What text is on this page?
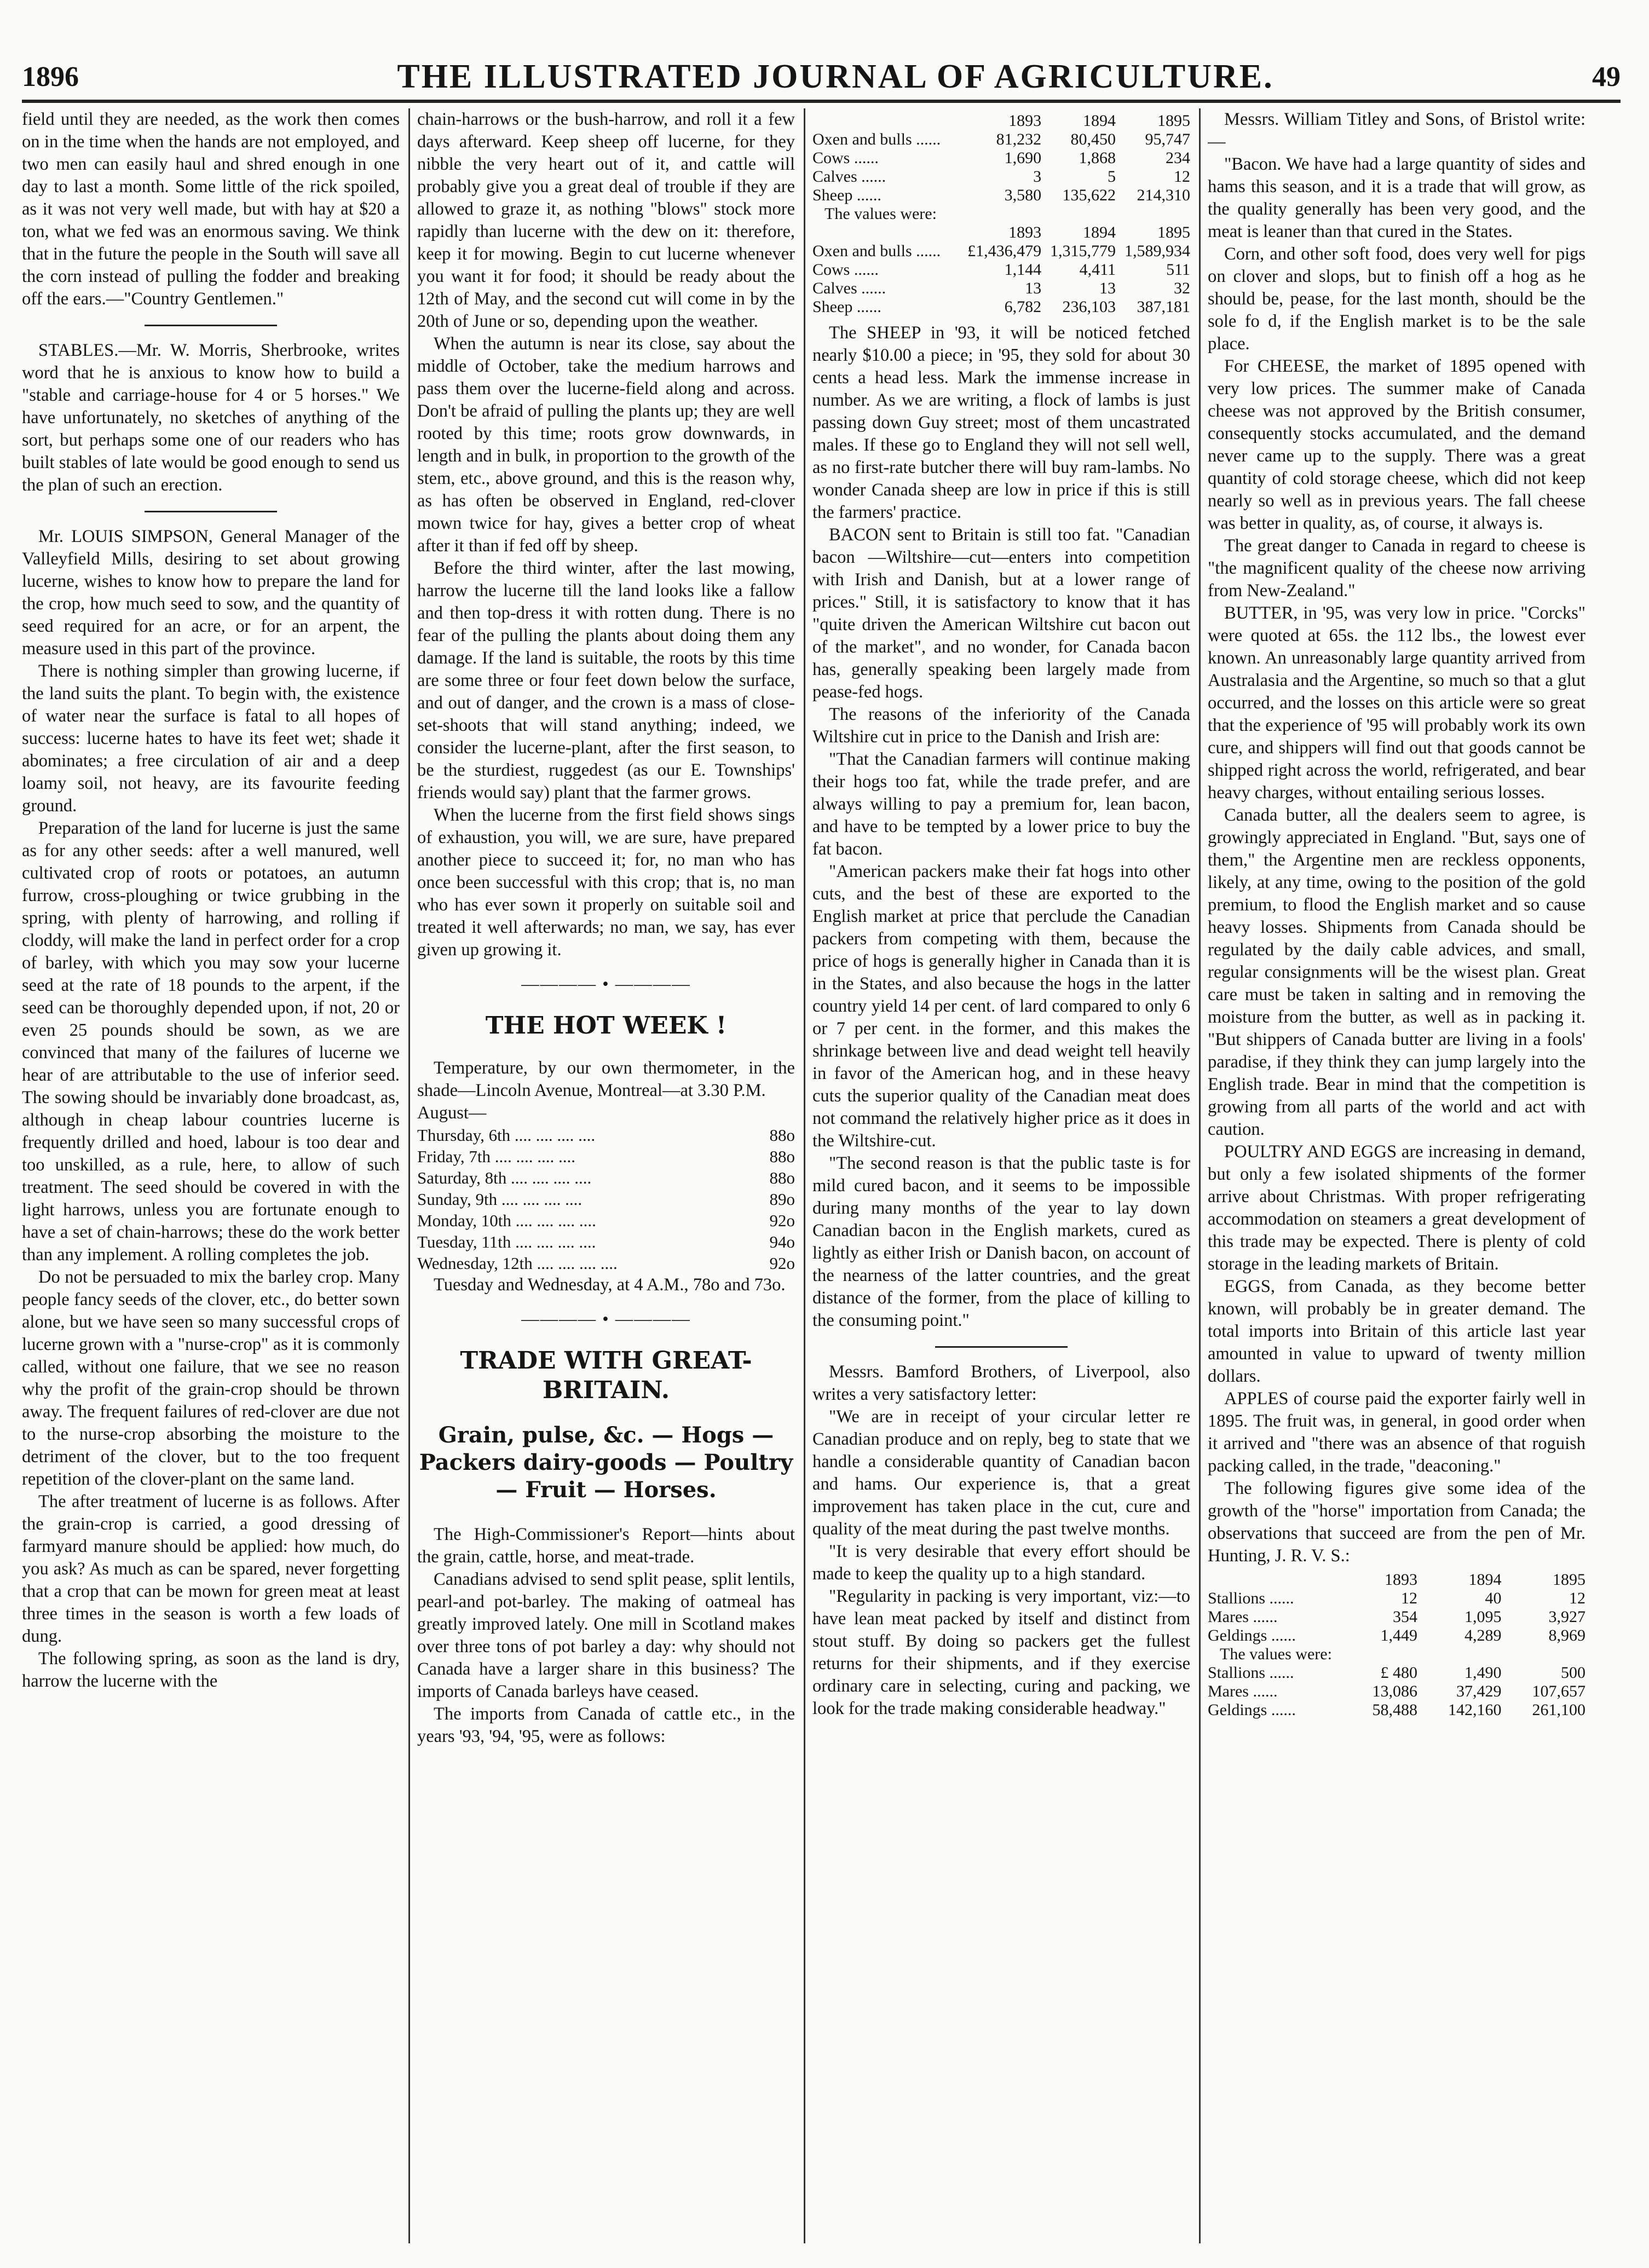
1896	THE ILLUSTRATED JOURNAL OF AGRICULTURE.	49

field until they are needed, as the work then comes on in the time when the hands are not employed, and two men can easily haul and shred enough in one day to last a month. Some little of the rick spoiled, as it was not very well made, but with hay at $20 a ton, what we fed was an enormous saving. We think that in the future the people in the South will save all the corn instead of pulling the fodder and breaking off the ears.—"Country Gentlemen."

STABLES.—Mr. W. Morris, Sherbrooke, writes word that he is anxious to know how to build a "stable and carriage-house for 4 or 5 horses." We have unfortunately, no sketches of anything of the sort, but perhaps some one of our readers who has built stables of late would be good enough to send us the plan of such an erection.

Mr. LOUIS SIMPSON, General Manager of the Valleyfield Mills, desiring to set about growing lucerne, wishes to know how to prepare the land for the crop, how much seed to sow, and the quantity of seed required for an acre, or for an arpent, the measure used in this part of the province.

There is nothing simpler than growing lucerne, if the land suits the plant. To begin with, the existence of water near the surface is fatal to all hopes of success: lucerne hates to have its feet wet; shade it abominates; a free circulation of air and a deep loamy soil, not heavy, are its favourite feeding ground.

Preparation of the land for lucerne is just the same as for any other seeds: after a well manured, well cultivated crop of roots or potatoes, an autumn furrow, cross-ploughing or twice grubbing in the spring, with plenty of harrowing, and rolling if cloddy, will make the land in perfect order for a crop of barley, with which you may sow your lucerne seed at the rate of 18 pounds to the arpent, if the seed can be thoroughly depended upon, if not, 20 or even 25 pounds should be sown, as we are convinced that many of the failures of lucerne we hear of are attributable to the use of inferior seed. The sowing should be invariably done broadcast, as, although in cheap labour countries lucerne is frequently drilled and hoed, labour is too dear and too unskilled, as a rule, here, to allow of such treatment. The seed should be covered in with the light harrows, unless you are fortunate enough to have a set of chain-harrows; these do the work better than any implement. A rolling completes the job.

Do not be persuaded to mix the barley crop. Many people fancy seeds of the clover, etc., do better sown alone, but we have seen so many successful crops of lucerne grown with a "nurse-crop" as it is commonly called, without one failure, that we see no reason why the profit of the grain-crop should be thrown away. The frequent failures of red-clover are due not to the nurse-crop absorbing the moisture to the detriment of the clover, but to the too frequent repetition of the clover-plant on the same land.

The after treatment of lucerne is as follows. After the grain-crop is carried, a good dressing of farmyard manure should be applied: how much, do you ask? As much as can be spared, never forgetting that a crop that can be mown for green meat at least three times in the season is worth a few loads of dung.

The following spring, as soon as the land is dry, harrow the lucerne with the

chain-harrows or the bush-harrow, and roll it a few days afterward. Keep sheep off lucerne, for they nibble the very heart out of it, and cattle will probably give you a great deal of trouble if they are allowed to graze it, as nothing "blows" stock more rapidly than lucerne with the dew on it: therefore, keep it for mowing. Begin to cut lucerne whenever you want it for food; it should be ready about the 12th of May, and the second cut will come in by the 20th of June or so, depending upon the weather.

When the autumn is near its close, say about the middle of October, take the medium harrows and pass them over the lucerne-field along and across. Don't be afraid of pulling the plants up; they are well rooted by this time; roots grow downwards, in length and in bulk, in proportion to the growth of the stem, etc., above ground, and this is the reason why, as has often be observed in England, red-clover mown twice for hay, gives a better crop of wheat after it than if fed off by sheep.

Before the third winter, after the last mowing, harrow the lucerne till the land looks like a fallow and then top-dress it with rotten dung. There is no fear of the pulling the plants about doing them any damage. If the land is suitable, the roots by this time are some three or four feet down below the surface, and out of danger, and the crown is a mass of close-set-shoots that will stand anything; indeed, we consider the lucerne-plant, after the first season, to be the sturdiest, ruggedest (as our E. Townships' friends would say) plant that the farmer grows.

When the lucerne from the first field shows sings of exhaustion, you will, we are sure, have prepared another piece to succeed it; for, no man who has once been successful with this crop; that is, no man who has ever sown it properly on suitable soil and treated it well afterwards; no man, we say, has ever given up growing it.

———— • ————
THE HOT WEEK !

Temperature, by our own thermometer, in the shade—Lincoln Avenue, Montreal—at 3.30 P.M.

August—

Thursday, 6th .... .... .... ....	88o
Friday, 7th .... .... .... ....	88o
Saturday, 8th .... .... .... ....	88o
Sunday, 9th .... .... .... ....	89o
Monday, 10th .... .... .... ....	92o
Tuesday, 11th .... .... .... ....	94o
Wednesday, 12th .... .... .... ....	92o

Tuesday and Wednesday, at 4 A.M., 78o and 73o.

———— • ————
TRADE WITH GREAT-BRITAIN.
Grain, pulse, &c. — Hogs — Packers dairy-goods — Poultry — Fruit — Horses.

The High-Commissioner's Report—hints about the grain, cattle, horse, and meat-trade.

Canadians advised to send split pease, split lentils, pearl-and pot-barley. The making of oatmeal has greatly improved lately. One mill in Scotland makes over three tons of pot barley a day: why should not Canada have a larger share in this business? The imports of Canada barleys have ceased.

The imports from Canada of cattle etc., in the years '93, '94, '95, were as follows:

	1893	1894	1895
Oxen and bulls ......	81,232	80,450	95,747
Cows ......	1,690	1,868	234
Calves ......	3	5	12
Sheep ......	3,580	135,622	214,310
The values were:			
	1893	1894	1895
Oxen and bulls ......	£1,436,479	1,315,779	1,589,934
Cows ......	1,144	4,411	511
Calves ......	13	13	32
Sheep ......	6,782	236,103	387,181

The SHEEP in '93, it will be noticed fetched nearly $10.00 a piece; in '95, they sold for about 30 cents a head less. Mark the immense increase in number. As we are writing, a flock of lambs is just passing down Guy street; most of them uncastrated males. If these go to England they will not sell well, as no first-rate butcher there will buy ram-lambs. No wonder Canada sheep are low in price if this is still the farmers' practice.

BACON sent to Britain is still too fat. "Canadian bacon —Wiltshire—cut—enters into competition with Irish and Danish, but at a lower range of prices." Still, it is satisfactory to know that it has "quite driven the American Wiltshire cut bacon out of the market", and no wonder, for Canada bacon has, generally speaking been largely made from pease-fed hogs.

The reasons of the inferiority of the Canada Wiltshire cut in price to the Danish and Irish are:

"That the Canadian farmers will continue making their hogs too fat, while the trade prefer, and are always willing to pay a premium for, lean bacon, and have to be tempted by a lower price to buy the fat bacon.

"American packers make their fat hogs into other cuts, and the best of these are exported to the English market at price that perclude the Canadian packers from competing with them, because the price of hogs is generally higher in Canada than it is in the States, and also because the hogs in the latter country yield 14 per cent. of lard compared to only 6 or 7 per cent. in the former, and this makes the shrinkage between live and dead weight tell heavily in favor of the American hog, and in these heavy cuts the superior quality of the Canadian meat does not command the relatively higher price as it does in the Wiltshire-cut.

"The second reason is that the public taste is for mild cured bacon, and it seems to be impossible during many months of the year to lay down Canadian bacon in the English markets, cured as lightly as either Irish or Danish bacon, on account of the nearness of the latter countries, and the great distance of the former, from the place of killing to the consuming point."

Messrs. Bamford Brothers, of Liverpool, also writes a very satisfactory letter:

"We are in receipt of your circular letter re Canadian produce and on reply, beg to state that we handle a considerable quantity of Canadian bacon and hams. Our experience is, that a great improvement has taken place in the cut, cure and quality of the meat during the past twelve months.

"It is very desirable that every effort should be made to keep the quality up to a high standard.

"Regularity in packing is very important, viz:—to have lean meat packed by itself and distinct from stout stuff. By doing so packers get the fullest returns for their shipments, and if they exercise ordinary care in selecting, curing and packing, we look for the trade making considerable headway."

Messrs. William Titley and Sons, of Bristol write:—

"Bacon. We have had a large quantity of sides and hams this season, and it is a trade that will grow, as the quality generally has been very good, and the meat is leaner than that cured in the States.

Corn, and other soft food, does very well for pigs on clover and slops, but to finish off a hog as he should be, pease, for the last month, should be the sole fo d, if the English market is to be the sale place.

For CHEESE, the market of 1895 opened with very low prices. The summer make of Canada cheese was not approved by the British consumer, consequently stocks accumulated, and the demand never came up to the supply. There was a great quantity of cold storage cheese, which did not keep nearly so well as in previous years. The fall cheese was better in quality, as, of course, it always is.

The great danger to Canada in regard to cheese is "the magnificent quality of the cheese now arriving from New-Zealand."

BUTTER, in '95, was very low in price. "Corcks" were quoted at 65s. the 112 lbs., the lowest ever known. An unreasonably large quantity arrived from Australasia and the Argentine, so much so that a glut occurred, and the losses on this article were so great that the experience of '95 will probably work its own cure, and shippers will find out that goods cannot be shipped right across the world, refrigerated, and bear heavy charges, without entailing serious losses.

Canada butter, all the dealers seem to agree, is growingly appreciated in England. "But, says one of them," the Argentine men are reckless opponents, likely, at any time, owing to the position of the gold premium, to flood the English market and so cause heavy losses. Shipments from Canada should be regulated by the daily cable advices, and small, regular consignments will be the wisest plan. Great care must be taken in salting and in removing the moisture from the butter, as well as in packing it. "But shippers of Canada butter are living in a fools' paradise, if they think they can jump largely into the English trade. Bear in mind that the competition is growing from all parts of the world and act with caution.

POULTRY AND EGGS are increasing in demand, but only a few isolated shipments of the former arrive about Christmas. With proper refrigerating accommodation on steamers a great development of this trade may be expected. There is plenty of cold storage in the leading markets of Britain.

EGGS, from Canada, as they become better known, will probably be in greater demand. The total imports into Britain of this article last year amounted in value to upward of twenty million dollars.

APPLES of course paid the exporter fairly well in 1895. The fruit was, in general, in good order when it arrived and "there was an absence of that roguish packing called, in the trade, "deaconing."

The following figures give some idea of the growth of the "horse" importation from Canada; the observations that succeed are from the pen of Mr. Hunting, J. R. V. S.:

	1893	1894	1895
Stallions ......	12	40	12
Mares ......	354	1,095	3,927
Geldings ......	1,449	4,289	8,969
The values were:			
Stallions ......	£ 480	1,490	500
Mares ......	13,086	37,429	107,657
Geldings ......	58,488	142,160	261,100
